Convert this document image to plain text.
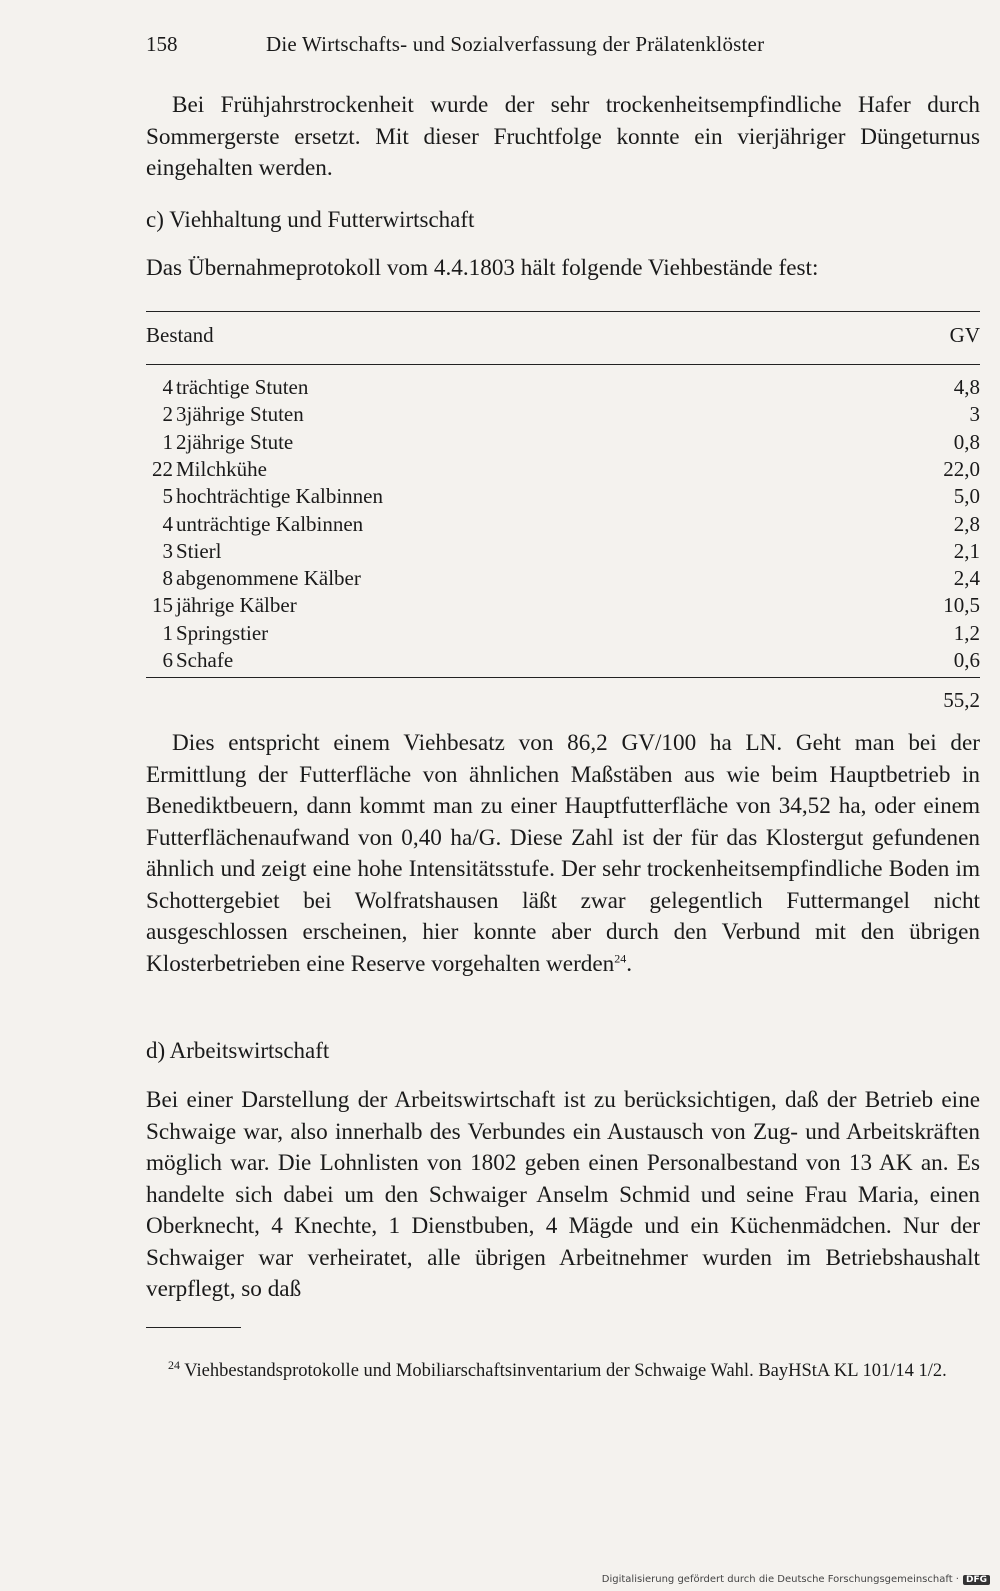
158	Die Wirtschafts- und Sozialverfassung der Prälatenklöster
Bei Frühjahrstrockenheit wurde der sehr trockenheitsempfindliche Hafer durch Sommergerste ersetzt. Mit dieser Fruchtfolge konnte ein vierjähriger Düngeturnus eingehalten werden.
c) Viehhaltung und Futterwirtschaft
Das Übernahmeprotokoll vom 4.4.1803 hält folgende Viehbestände fest:
Bestand	GV
4 trächtige Stuten	4,8
2 3jährige Stuten	3
1 2jährige Stute	0,8
22 Milchkühe	22,0
5 hochträchtige Kalbinnen	5,0
4 unträchtige Kalbinnen	2,8
3 Stierl	2,1
8 abgenommene Kälber	2,4
15 jährige Kälber	10,5
1 Springstier	1,2
6 Schafe	0,6
55,2
Dies entspricht einem Viehbesatz von 86,2 GV/100 ha LN. Geht man bei der Ermittlung der Futterfläche von ähnlichen Maßstäben aus wie beim Hauptbetrieb in Benediktbeuern, dann kommt man zu einer Hauptfutterfläche von 34,52 ha, oder einem Futterflächenaufwand von 0,40 ha/G. Diese Zahl ist der für das Klostergut gefundenen ähnlich und zeigt eine hohe Intensitätsstufe. Der sehr trockenheitsempfindliche Boden im Schottergebiet bei Wolfratshausen läßt zwar gelegentlich Futtermangel nicht ausgeschlossen erscheinen, hier konnte aber durch den Verbund mit den übrigen Klosterbetrieben eine Reserve vorgehalten werden$^{24}$.
d) Arbeitswirtschaft
Bei einer Darstellung der Arbeitswirtschaft ist zu berücksichtigen, daß der Betrieb eine Schwaige war, also innerhalb des Verbundes ein Austausch von Zug- und Arbeitskräften möglich war. Die Lohnlisten von 1802 geben einen Personalbestand von 13 AK an. Es handelte sich dabei um den Schwaiger Anselm Schmid und seine Frau Maria, einen Oberknecht, 4 Knechte, 1 Dienstbuben, 4 Mägde und ein Küchenmädchen. Nur der Schwaiger war verheiratet, alle übrigen Arbeitnehmer wurden im Betriebshaushalt verpflegt, so daß
$^{24}$ Viehbestandsprotokolle und Mobiliarschaftsinventarium der Schwaige Wahl. BayHStA KL 101/14 1/2.
Digitalisierung gefördert durch die Deutsche Forschungsgemeinschaft · DFG
